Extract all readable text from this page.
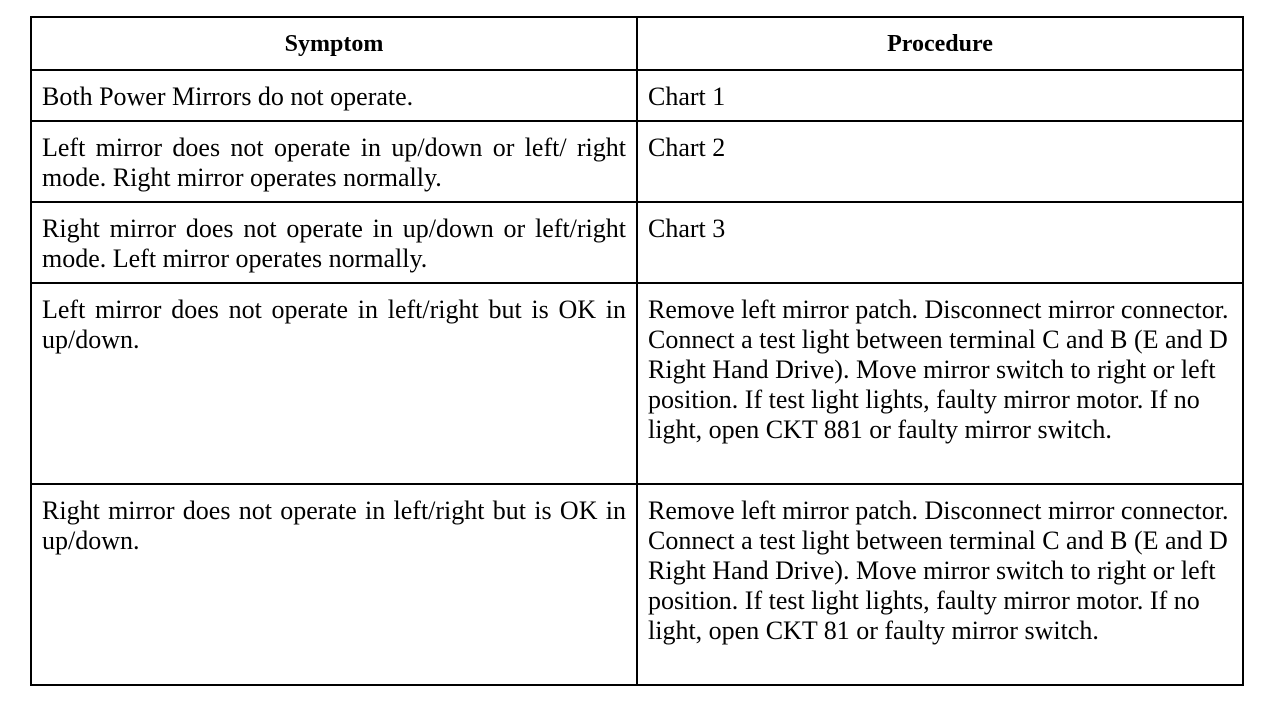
Symptom	Procedure
Both Power Mirrors do not operate.	Chart 1
Left mirror does not operate in up/down or left/ right mode. Right mirror operates normally.	Chart 2
Right mirror does not operate in up/down or left/right mode. Left mirror operates normally.	Chart 3
Left mirror does not operate in left/right but is OK in up/down.	Remove left mirror patch. Disconnect mirror connector. Connect a test light between terminal C and B (E and D Right Hand Drive). Move mirror switch to right or left position. If test light lights, faulty mirror motor. If no light, open CKT 881 or faulty mirror switch.
Right mirror does not operate in left/right but is OK in up/down.	Remove left mirror patch. Disconnect mirror connector. Connect a test light between terminal C and B (E and D Right Hand Drive). Move mirror switch to right or left position. If test light lights, faulty mirror motor. If no light, open CKT 81 or faulty mirror switch.
